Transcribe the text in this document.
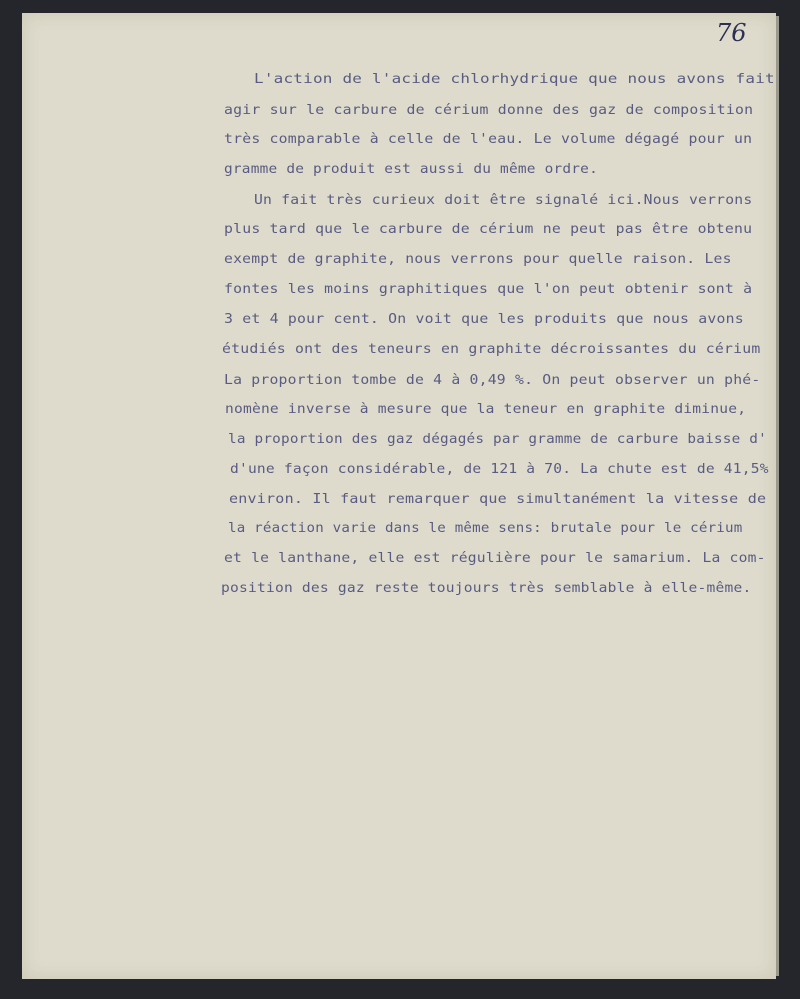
76
L'action de l'acide chlorhydrique que nous avons fait
agir sur le carbure de cérium donne des gaz de composition
très comparable à celle de l'eau. Le volume dégagé pour un
gramme de produit est aussi du même ordre.
Un fait très curieux doit être signalé ici.Nous verrons
plus tard que le carbure de cérium ne peut pas être obtenu
exempt de graphite, nous verrons pour quelle raison. Les
fontes les moins graphitiques que l'on peut obtenir sont à
3 et 4 pour cent. On voit que les produits que nous avons
étudiés ont des teneurs en graphite décroissantes du cérium
La proportion tombe de 4 à 0,49 %. On peut observer un phé-
nomène inverse à mesure que la teneur en graphite diminue,
la proportion des gaz dégagés par gramme de carbure baisse d'
d'une façon considérable, de 121 à 70. La chute est de 41,5%
environ. Il faut remarquer que simultanément la vitesse de
la réaction varie dans le même sens: brutale pour le cérium
et le lanthane, elle est régulière pour le samarium. La com-
position des gaz reste toujours très semblable à elle-même.
